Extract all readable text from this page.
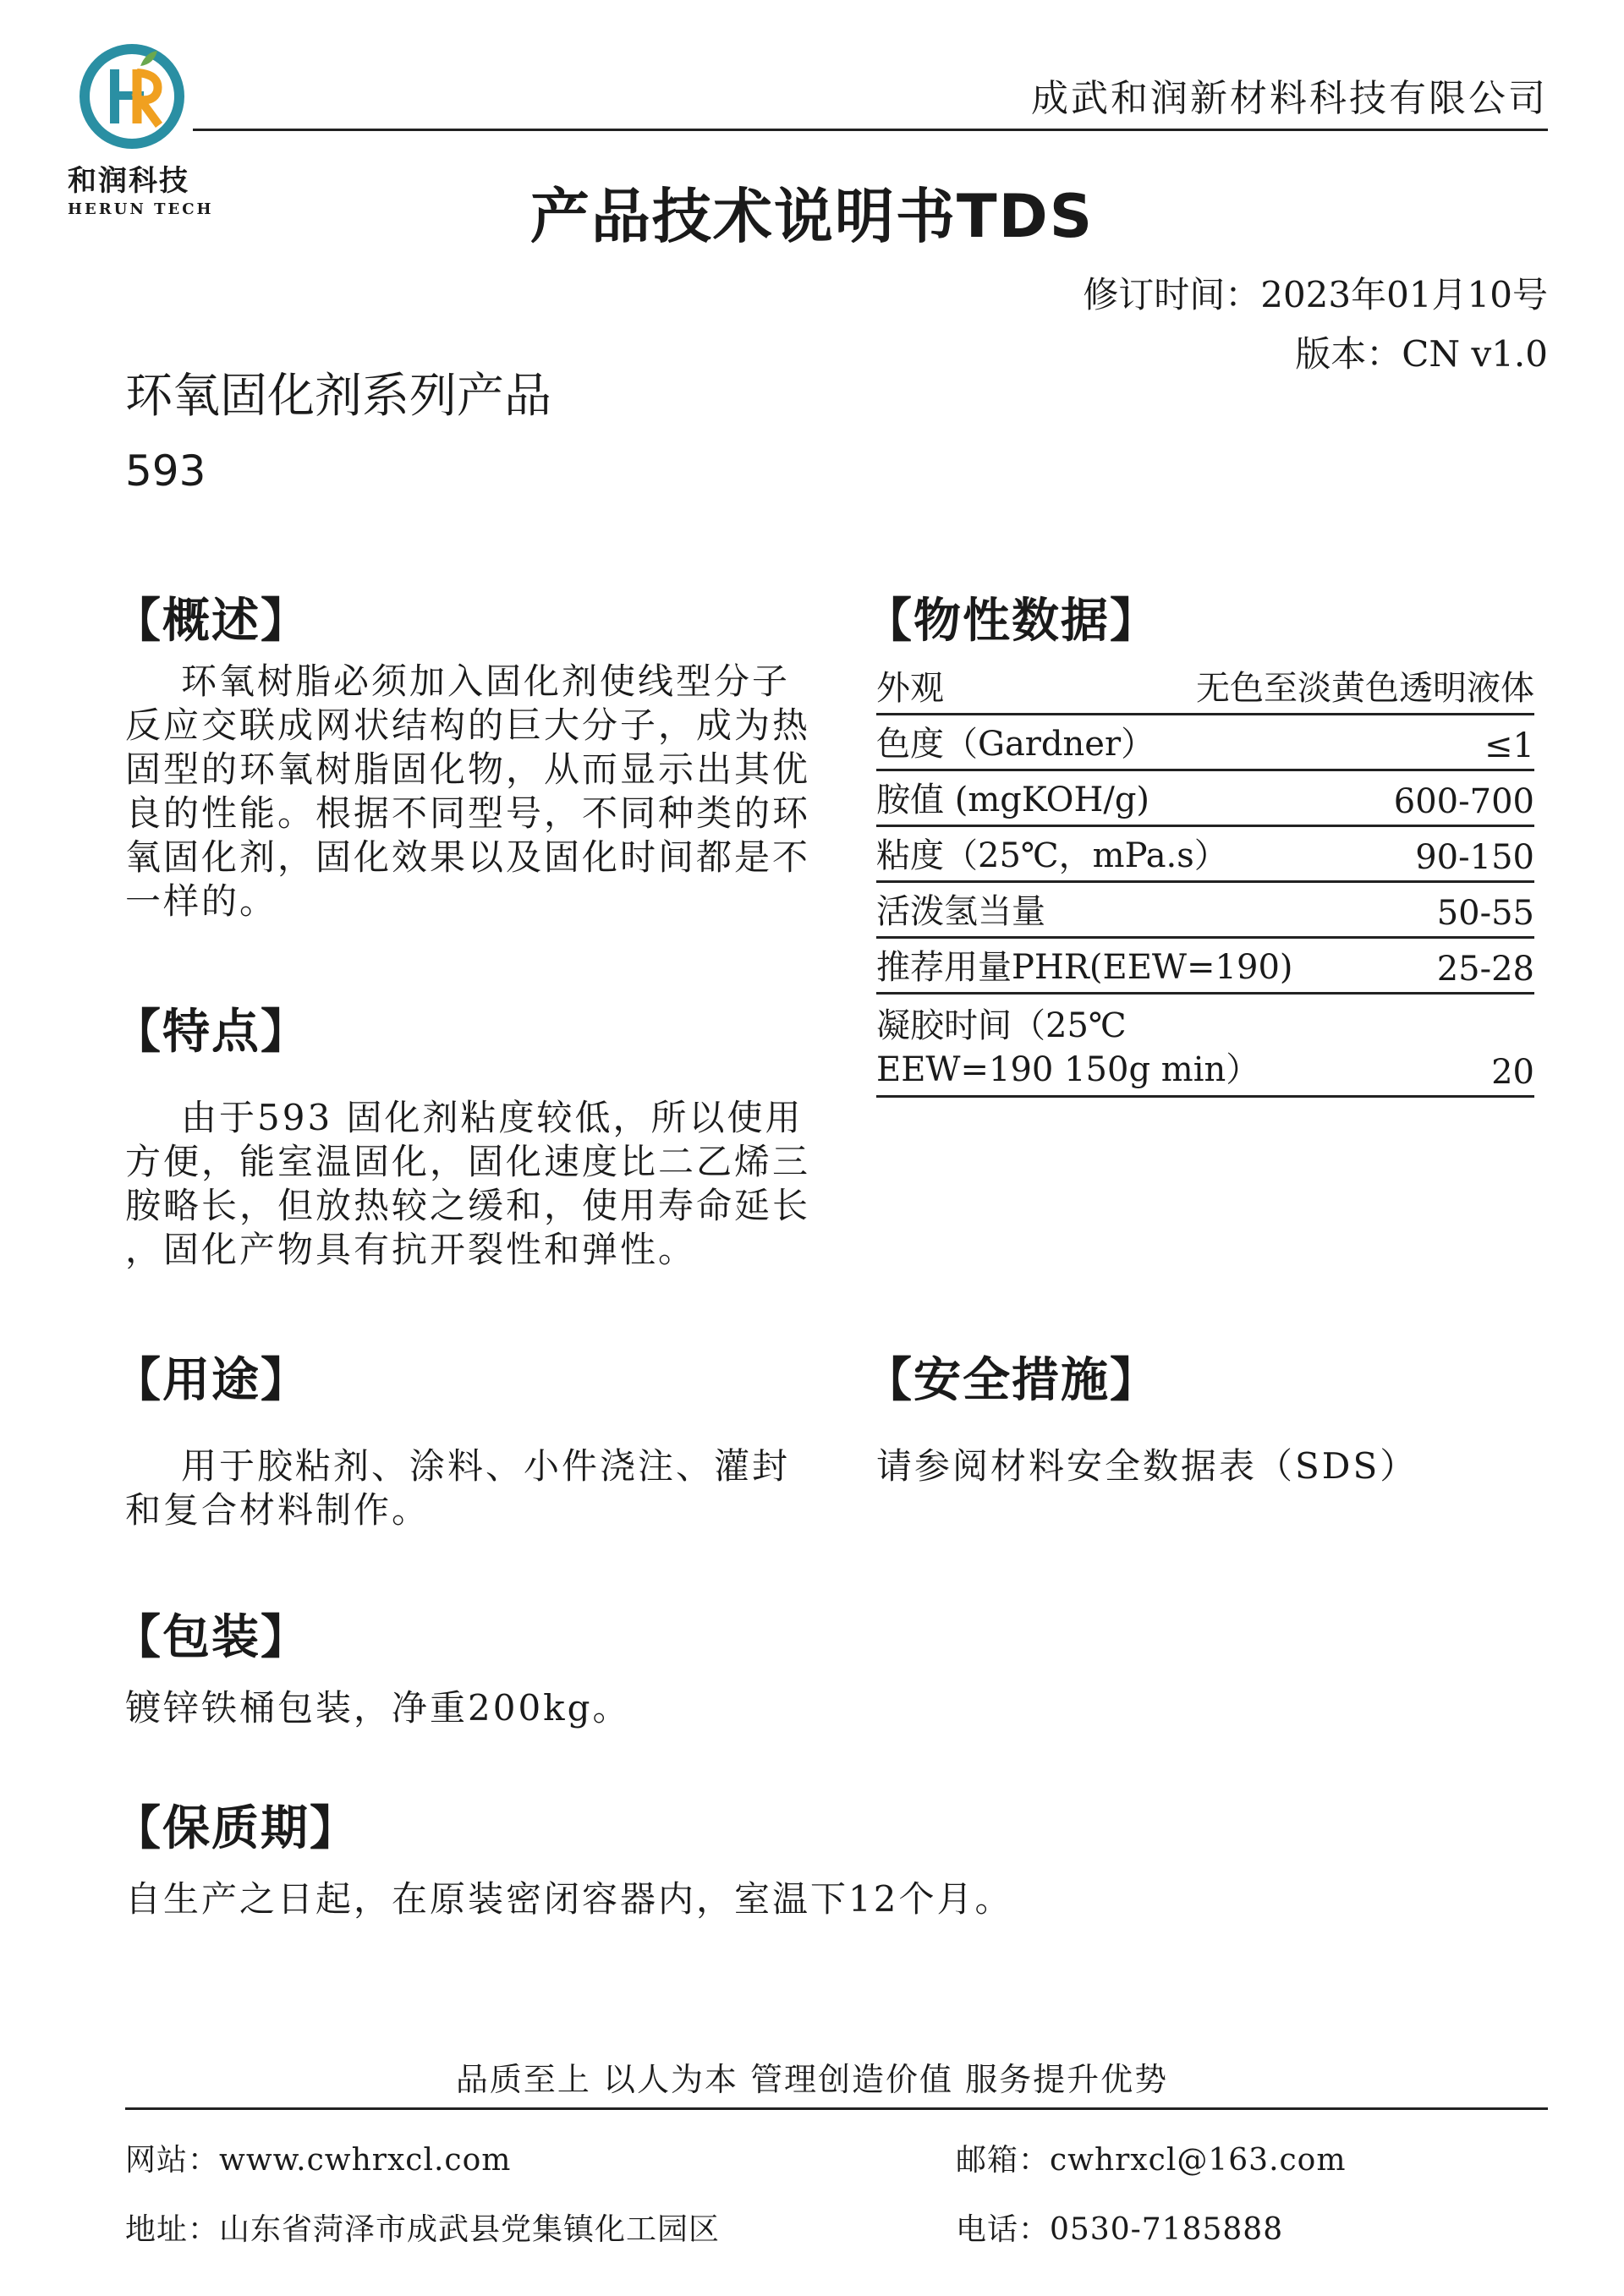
和润科技
HERUN TECH
成武和润新材料科技有限公司
产品技术说明书TDS
修订时间：2023年01月10号
版本：CN v1.0
环氧固化剂系列产品
593
【概述】
环氧树脂必须加入固化剂使线型分子
反应交联成网状结构的巨大分子，成为热
固型的环氧树脂固化物，从而显示出其优
良的性能。根据不同型号，不同种类的环
氧固化剂，固化效果以及固化时间都是不
一样的。
【物性数据】
外观	无色至淡黄色透明液体
色度（Gardner）	≤1
胺值 (mgKOH/g)	600-700
粘度（25℃，mPa.s）	90-150
活泼氢当量	50-55
推荐用量PHR(EEW=190)	25-28
凝胶时间（25℃
EEW=190 150g min）	20
【特点】
由于593 固化剂粘度较低，所以使用
方便，能室温固化，固化速度比二乙烯三
胺略长，但放热较之缓和，使用寿命延长
，固化产物具有抗开裂性和弹性。
【用途】
用于胶粘剂、涂料、小件浇注、灌封
和复合材料制作。
【安全措施】
请参阅材料安全数据表（SDS）
【包装】
镀锌铁桶包装，净重200kg。
【保质期】
自生产之日起，在原装密闭容器内，室温下12个月。
品质至上 以人为本 管理创造价值 服务提升优势
网站：www.cwhrxcl.com	邮箱：cwhrxcl@163.com
地址：山东省菏泽市成武县党集镇化工园区	电话：0530-7185888
